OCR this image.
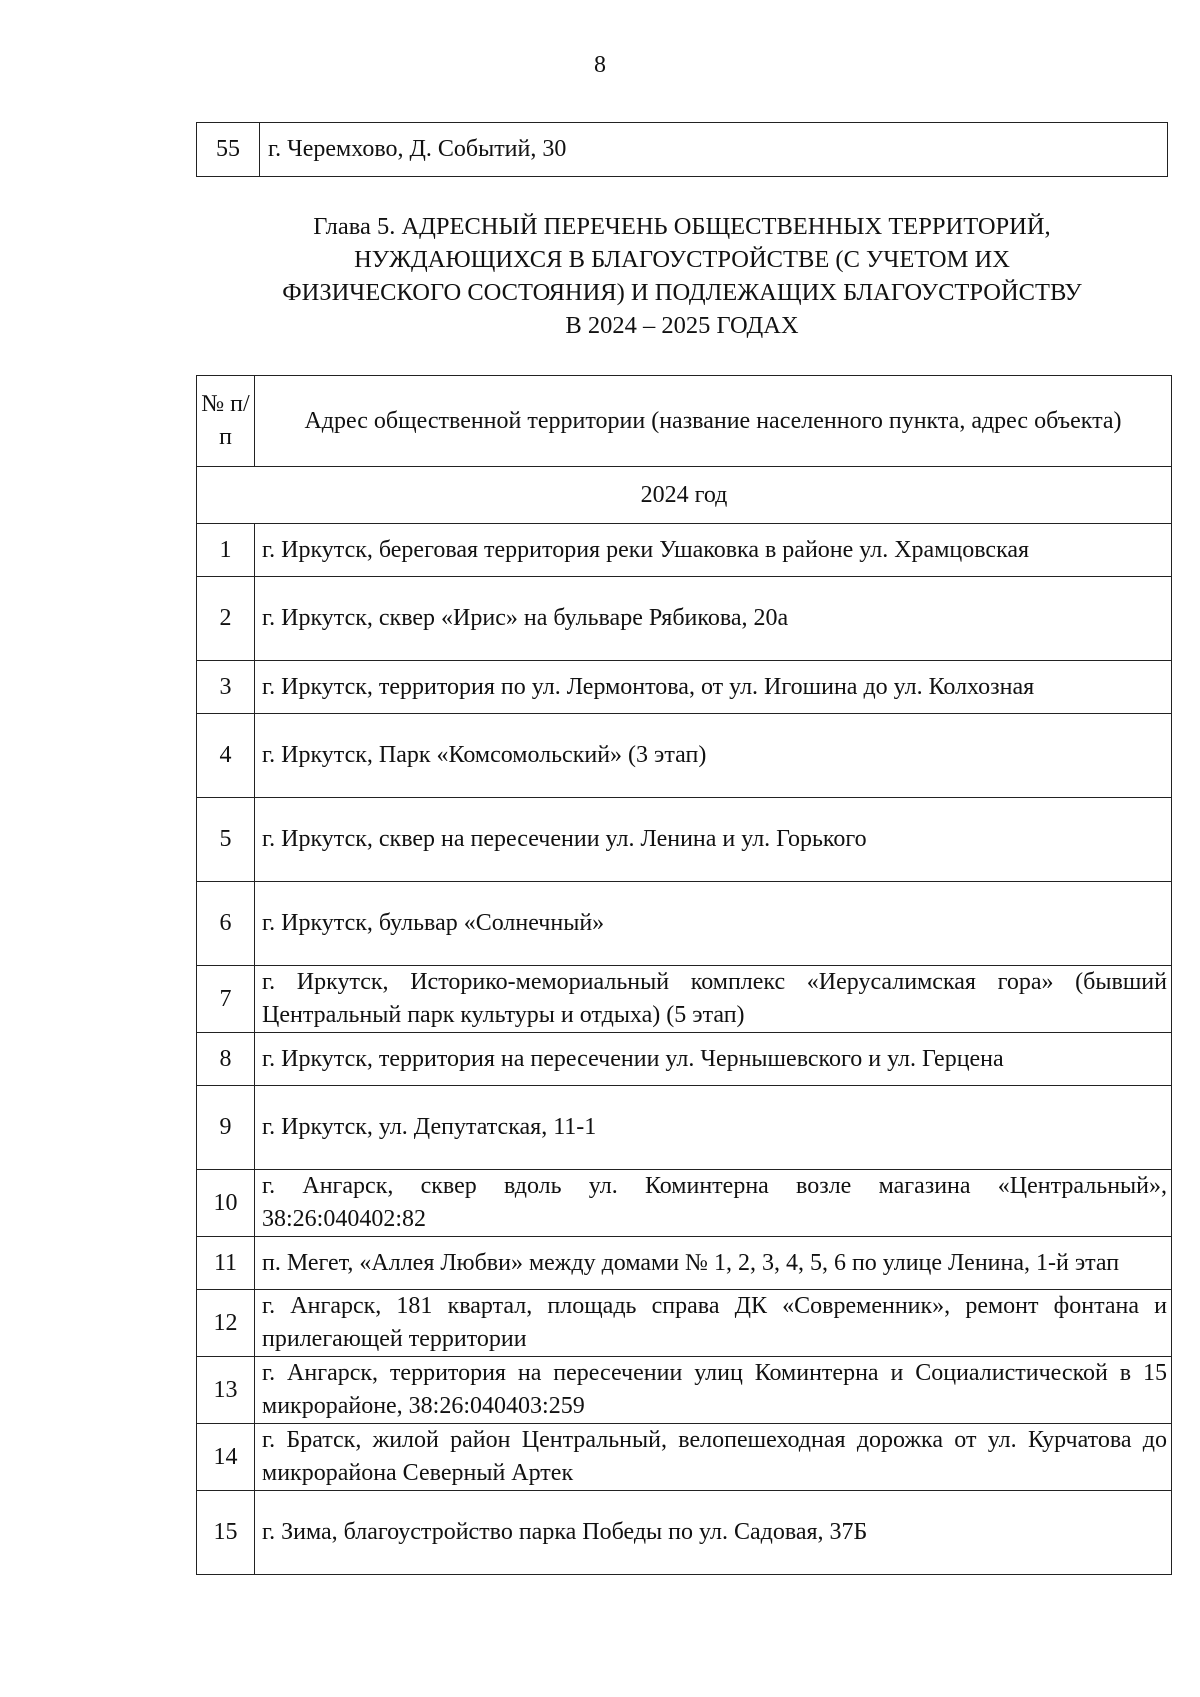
8
55	г. Черемхово, Д. Событий, 30
Глава 5. АДРЕСНЫЙ ПЕРЕЧЕНЬ ОБЩЕСТВЕННЫХ ТЕРРИТОРИЙ,
НУЖДАЮЩИХСЯ В БЛАГОУСТРОЙСТВЕ (С УЧЕТОМ ИХ
ФИЗИЧЕСКОГО СОСТОЯНИЯ) И ПОДЛЕЖАЩИХ БЛАГОУСТРОЙСТВУ
В 2024 – 2025 ГОДАХ
№ п/п	Адрес общественной территории (название населенного пункта, адрес объекта)
2024 год	
1	г. Иркутск, береговая территория реки Ушаковка в районе ул. Храмцовская
2	г. Иркутск, сквер «Ирис» на бульваре Рябикова, 20а

3	г. Иркутск, территория по ул. Лермонтова, от ул. Игошина до ул. Колхозная
4	г. Иркутск, Парк «Комсомольский» (3 этап)

5	г. Иркутск, сквер на пересечении ул. Ленина и ул. Горького

6	г. Иркутск, бульвар «Солнечный»

7	г. Иркутск, Историко-мемориальный комплекс «Иерусалимская гора» (бывший Центральный парк культуры и отдыха) (5 этап)
8	г. Иркутск, территория на пересечении ул. Чернышевского и ул. Герцена
9	г. Иркутск, ул. Депутатская, 11-1

10	г. Ангарск, сквер вдоль ул. Коминтерна возле магазина «Центральный», 38:26:040402:82
11	п. Мегет, «Аллея Любви» между домами № 1, 2, 3, 4, 5, 6 по улице Ленина, 1-й этап
12	г. Ангарск, 181 квартал, площадь справа ДК «Современник», ремонт фонтана и прилегающей территории
13	г. Ангарск, территория на пересечении улиц Коминтерна и Социалистической в 15 микрорайоне, 38:26:040403:259
14	г. Братск, жилой район Центральный, велопешеходная дорожка от ул. Курчатова до микрорайона Северный Артек
15	г. Зима, благоустройство парка Победы по ул. Садовая, 37Б
